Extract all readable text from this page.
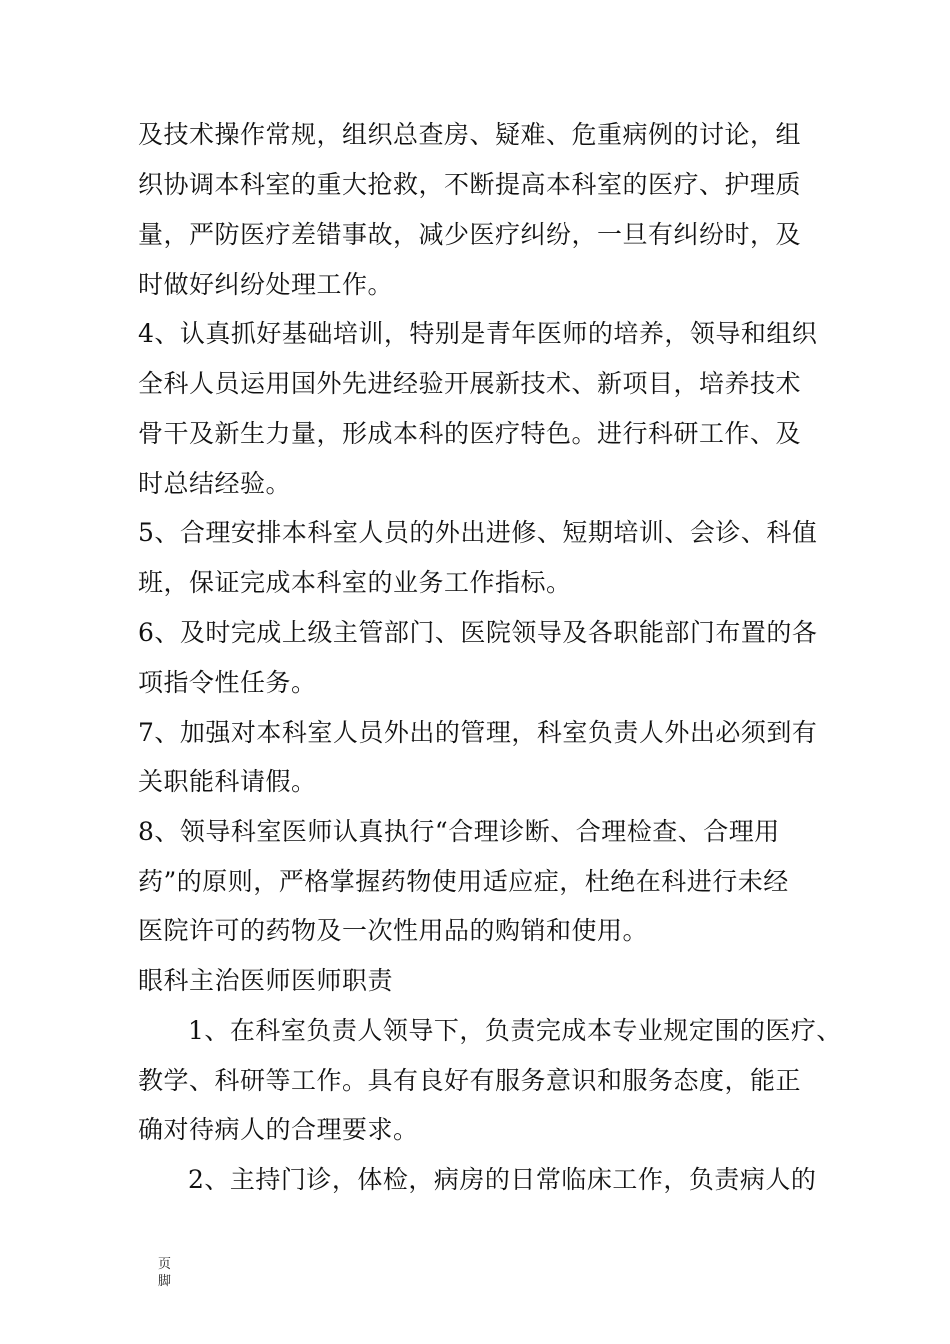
及技术操作常规，组织总查房、疑难、危重病例的讨论，组
织协调本科室的重大抢救，不断提高本科室的医疗、护理质
量，严防医疗差错事故，减少医疗纠纷，一旦有纠纷时，及
时做好纠纷处理工作。
4、认真抓好基础培训，特别是青年医师的培养，领导和组织
全科人员运用国外先进经验开展新技术、新项目，培养技术
骨干及新生力量，形成本科的医疗特色。进行科研工作、及
时总结经验。
5、合理安排本科室人员的外出进修、短期培训、会诊、科值
班，保证完成本科室的业务工作指标。
6、及时完成上级主管部门、医院领导及各职能部门布置的各
项指令性任务。
7、加强对本科室人员外出的管理，科室负责人外出必须到有
关职能科请假。
8、领导科室医师认真执行“合理诊断、合理检查、合理用
药”的原则，严格掌握药物使用适应症，杜绝在科进行未经
医院许可的药物及一次性用品的购销和使用。
眼科主治医师医师职责
1、在科室负责人领导下，负责完成本专业规定围的医疗、
教学、科研等工作。具有良好有服务意识和服务态度，能正
确对待病人的合理要求。
2、主持门诊，体检，病房的日常临床工作，负责病人的
页脚
